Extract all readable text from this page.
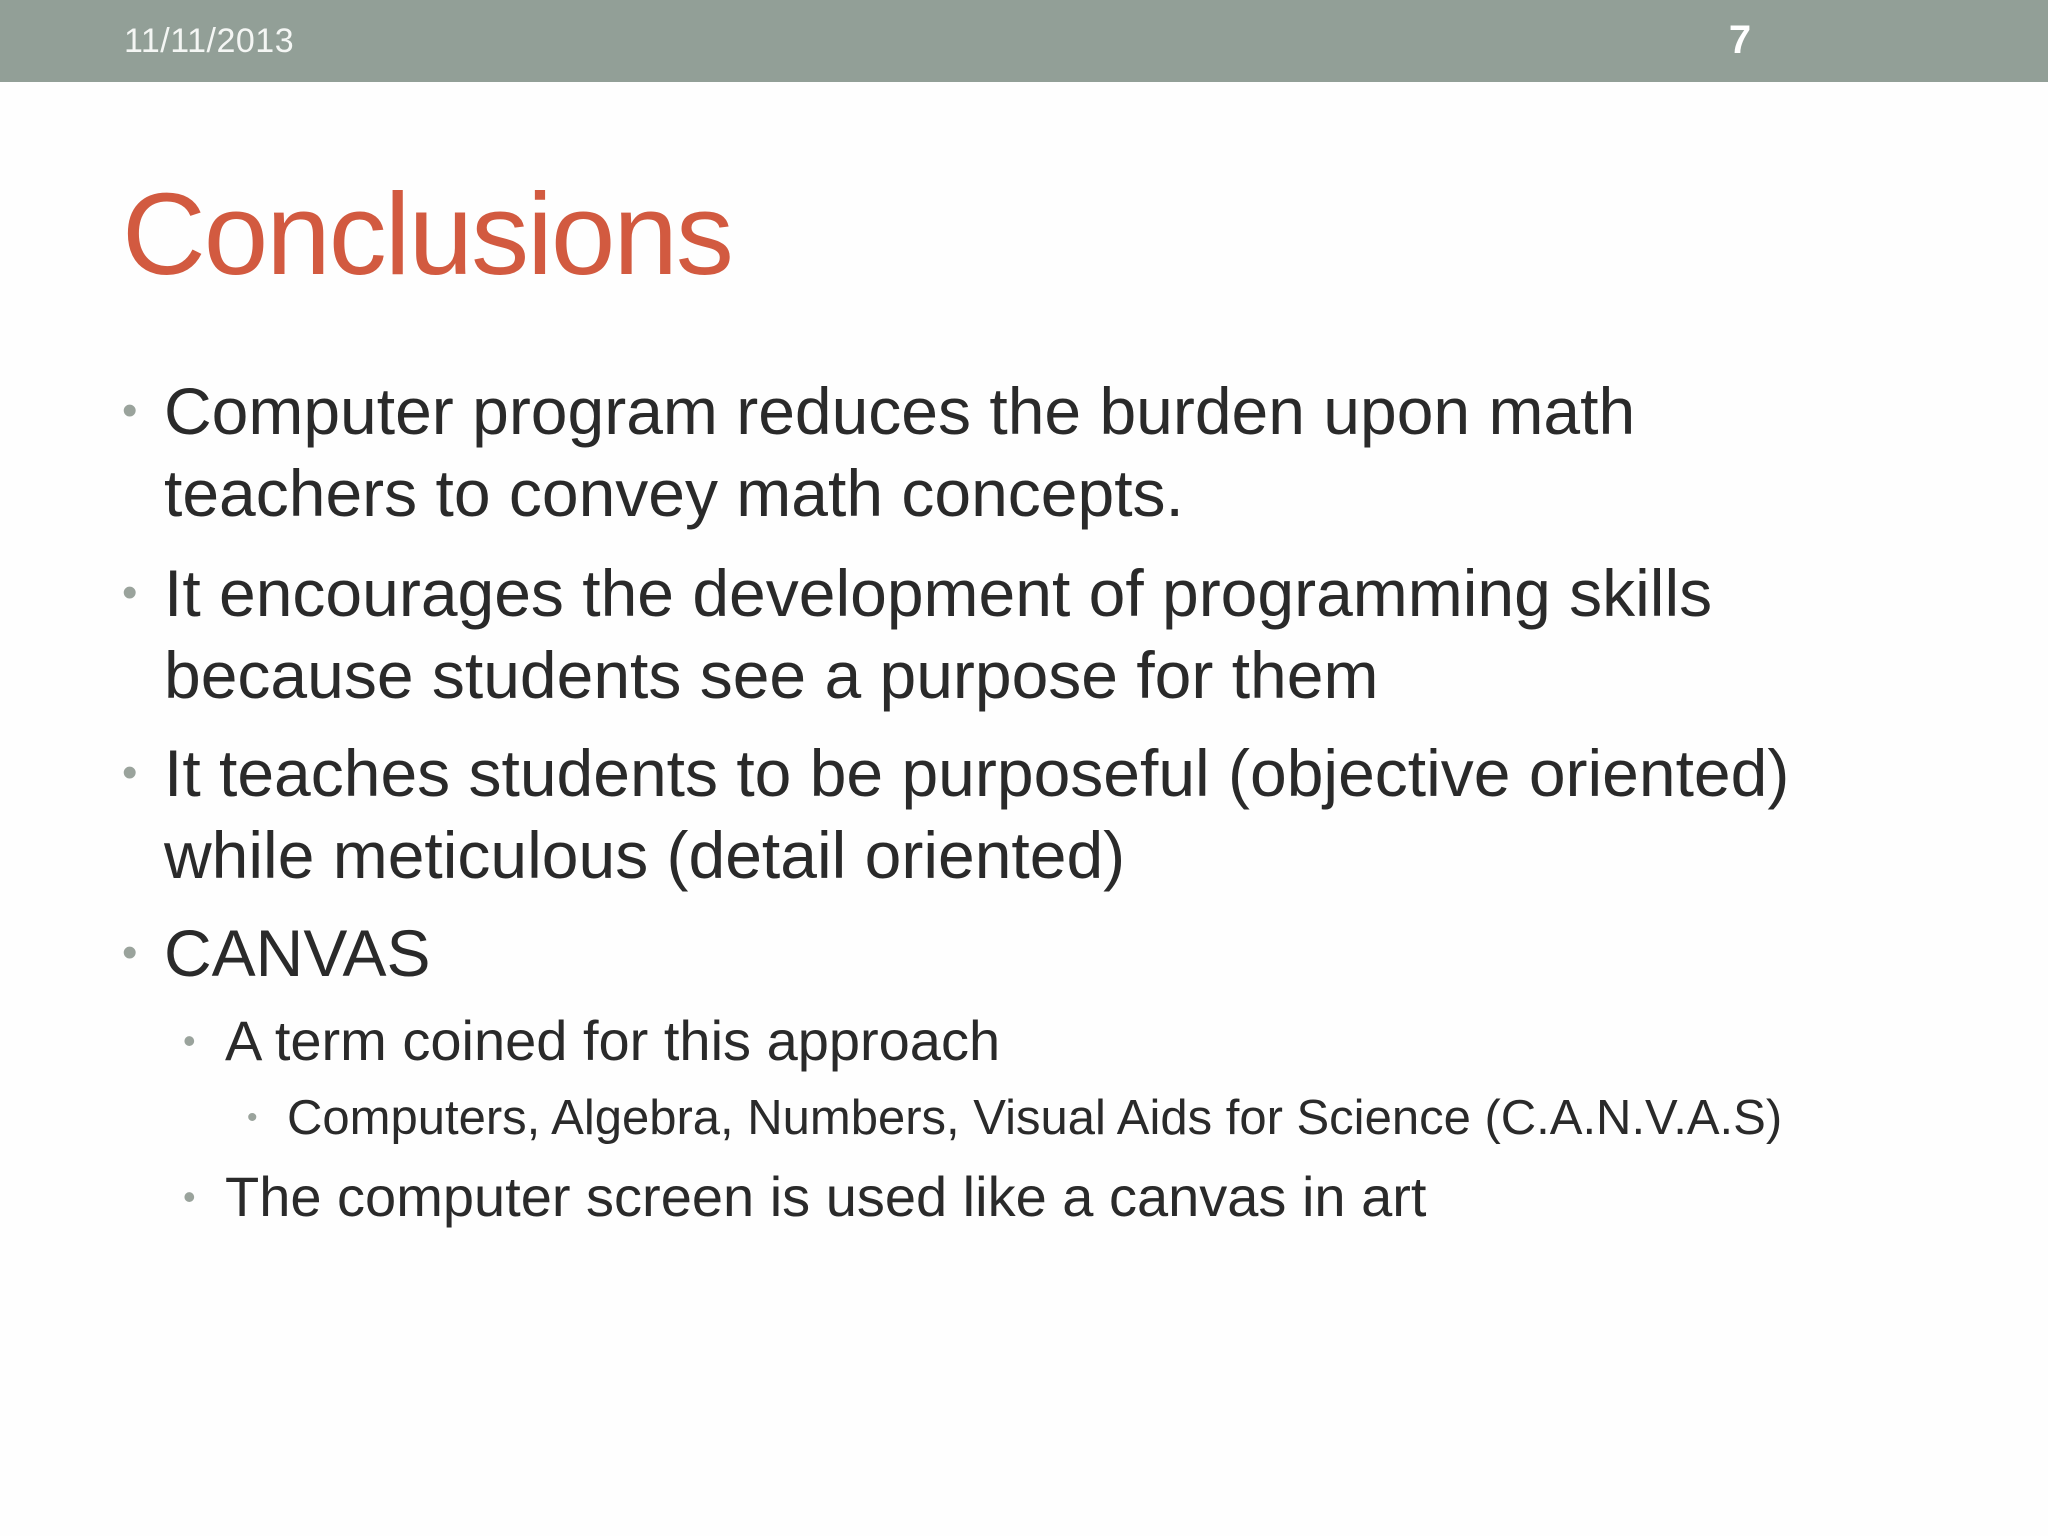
11/11/2013	7
Conclusions
• Computer program reduces the burden upon math
teachers to convey math concepts.
• It encourages the development of programming skills
because students see a purpose for them
• It teaches students to be purposeful (objective oriented)
while meticulous (detail oriented)
• CANVAS
• A term coined for this approach
• Computers, Algebra, Numbers, Visual Aids for Science (C.A.N.V.A.S)
• The computer screen is used like a canvas in art
